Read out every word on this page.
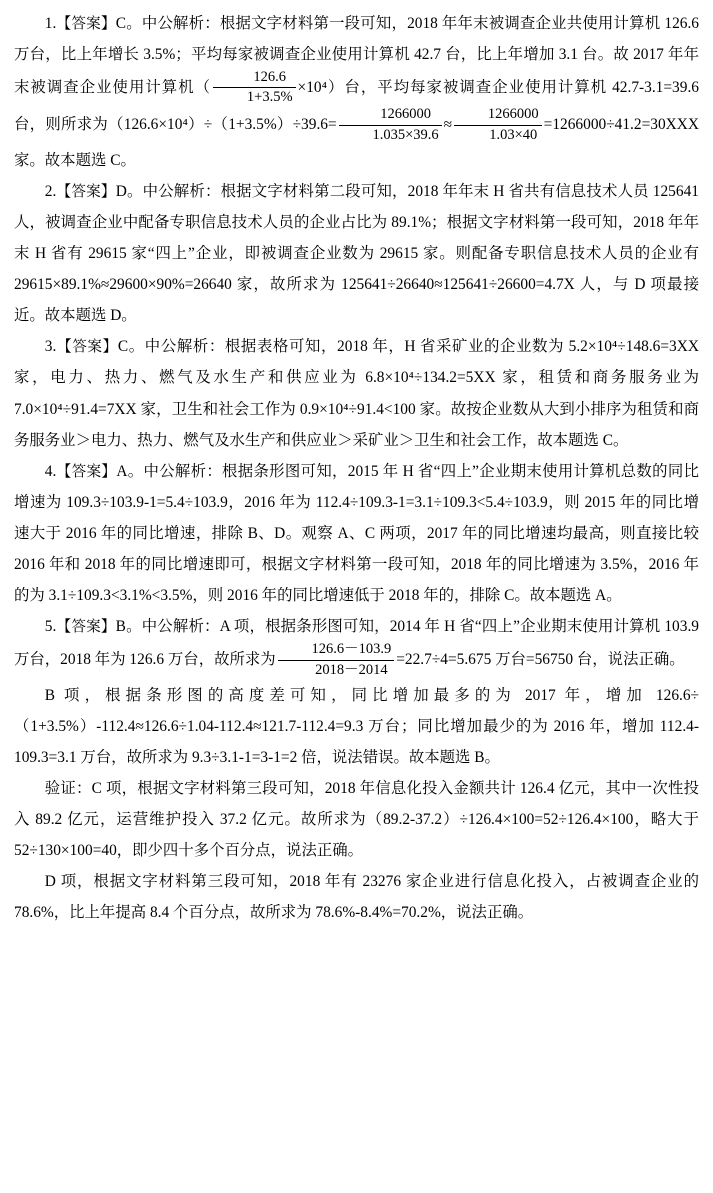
1.【答案】C。中公解析：根据文字材料第一段可知，2018 年年末被调查企业共使用计算机 126.6 万台，比上年增长 3.5%；平均每家被调查企业使用计算机 42.7 台，比上年增加 3.1 台。故 2017 年年末被调查企业使用计算机（ $\frac{126.6}{1+3.5\%} \times 10^4$）台，平均每家被调查企业使用计算机 42.7-3.1=39.6 台，则所求为$(126.6\times 10^4)\div(1+3.5\%)\div 39.6= \frac{1266000}{1.035\times 39.6} \approx \frac{1266000}{1.03\times 40} =1266000\div 41.2=30XXX$ 家。故本题选 C。

2.【答案】D。中公解析：根据文字材料第二段可知，2018 年年末 H 省共有信息技术人员 125641 人，被调查企业中配备专职信息技术人员的企业占比为 89.1%；根据文字材料第一段可知，2018 年年末 H 省有 29615 家“四上”企业，即被调查企业数为 29615 家。则配备专职信息技术人员的企业有 29615×89.1%≈29600×90%=26640 家，故所求为 125641÷26640≈125641÷26600=4.7X 人，与 D 项最接近。故本题选 D。

3.【答案】C。中公解析：根据表格可知，2018 年，H 省采矿业的企业数为 5.2×10⁴÷148.6=3XX 家，电力、热力、燃气及水生产和供应业为 6.8×10⁴÷134.2=5XX 家，租赁和商务服务业为 7.0×10⁴÷91.4=7XX 家，卫生和社会工作为 0.9×10⁴÷91.4<100 家。故按企业数从大到小排序为租赁和商务服务业＞电力、热力、燃气及水生产和供应业＞采矿业＞卫生和社会工作，故本题选 C。

4.【答案】A。中公解析：根据条形图可知，2015 年 H 省“四上”企业期末使用计算机总数的同比增速为 109.3÷103.9-1=5.4÷103.9，2016 年为 112.4÷109.3-1=3.1÷109.3<5.4÷103.9，则 2015 年的同比增速大于 2016 年的同比增速，排除 B、D。观察 A、C 两项，2017 年的同比增速均最高，则直接比较 2016 年和 2018 年的同比增速即可，根据文字材料第一段可知，2018 年的同比增速为 3.5%，2016 年的为 3.1÷109.3<3.1%<3.5%，则 2016 年的同比增速低于 2018 年的，排除 C。故本题选 A。

5.【答案】B。中公解析：A 项，根据条形图可知，2014 年 H 省“四上”企业期末使用计算机 103.9 万台，2018 年为 126.6 万台，故所求为 $\frac{126.6-103.9}{2018-2014} =22.7\div 4=5.675$ 万台=56750 台，说法正确。

B 项，根据条形图的高度差可知，同比增加最多的为 2017 年，增加 126.6÷（1+3.5%）-112.4≈126.6÷1.04-112.4≈121.7-112.4=9.3 万台；同比增加最少的为 2016 年，增加 112.4-109.3=3.1 万台，故所求为 9.3÷3.1-1=3-1=2 倍，说法错误。故本题选 B。

验证：C 项，根据文字材料第三段可知，2018 年信息化投入金额共计 126.4 亿元，其中一次性投入 89.2 亿元，运营维护投入 37.2 亿元。故所求为（89.2-37.2）÷126.4×100=52÷126.4×100，略大于 52÷130×100=40，即少四十多个百分点，说法正确。

D 项，根据文字材料第三段可知，2018 年有 23276 家企业进行信息化投入，占被调查企业的 78.6%，比上年提高 8.4 个百分点，故所求为 78.6%-8.4%=70.2%，说法正确。
